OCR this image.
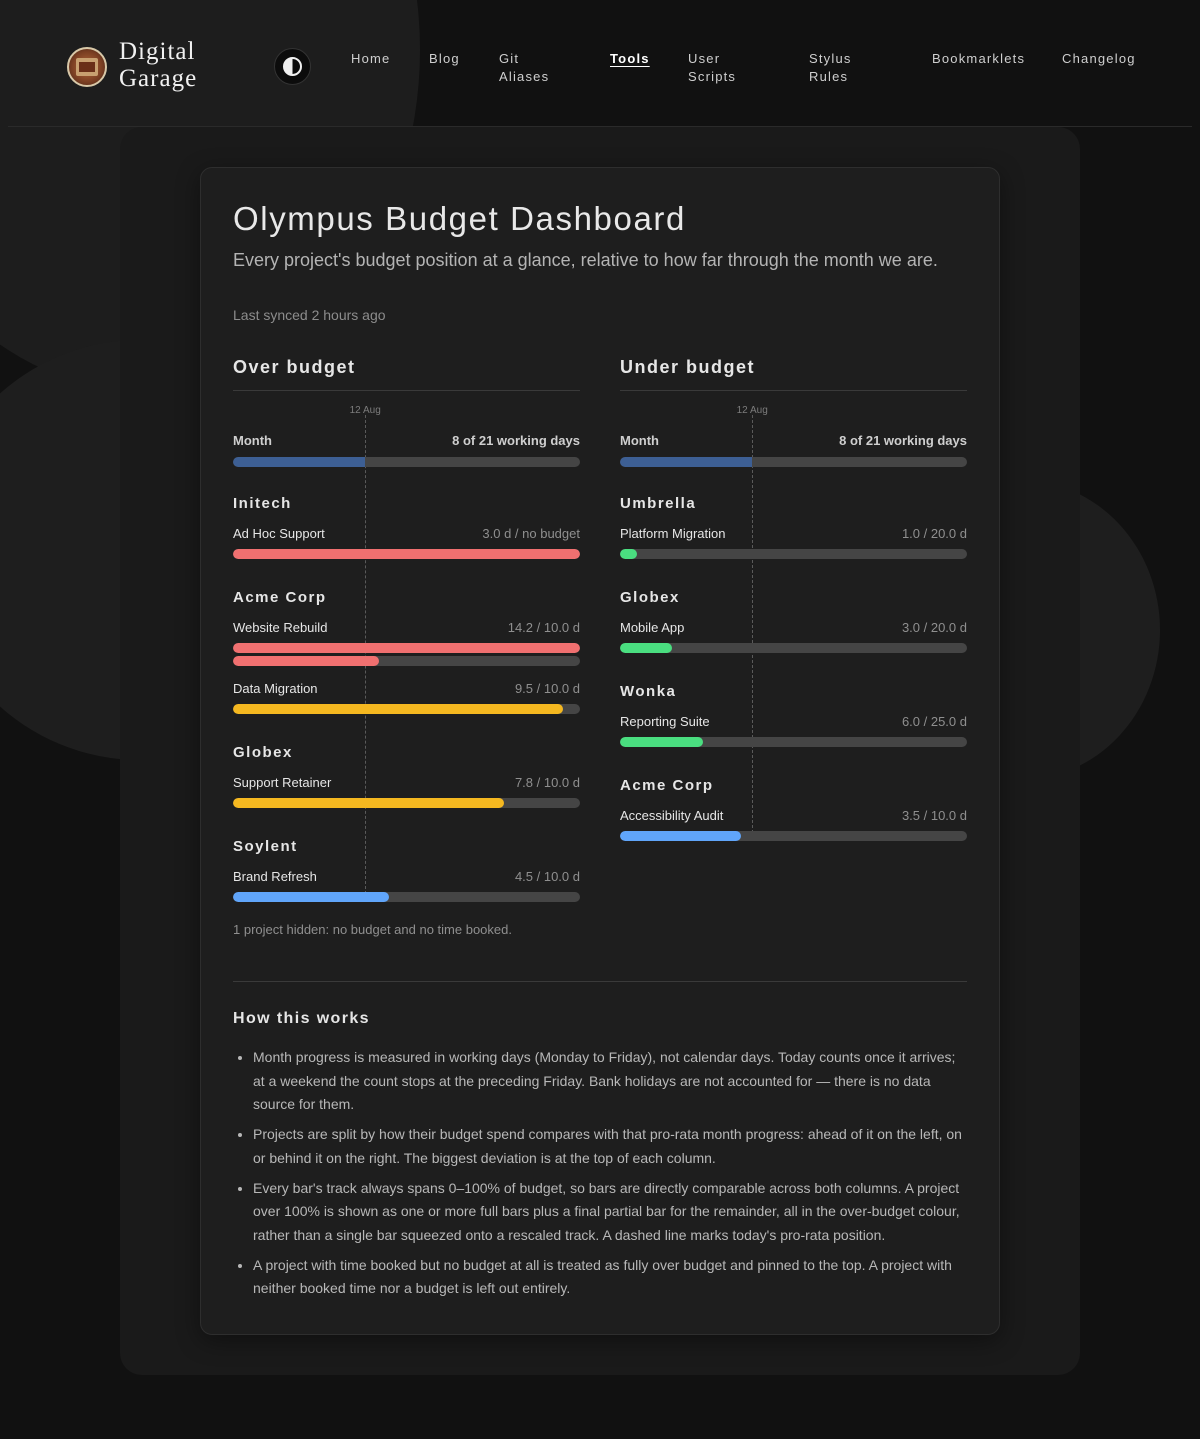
Digital Garage
Home	Blog	Git Aliases
Tools	User Scripts
Stylus Rules
Bookmarklets	Changelog
Olympus Budget Dashboard

Every project's budget position at a glance, relative to how far through the month we are.

Last synced 2 hours ago

Over budget
Month	8 of 21 working days
Initech
Ad Hoc Support	3.0 d / no budget
Acme Corp
Website Rebuild	14.2 / 10.0 d
Data Migration	9.5 / 10.0 d
Globex
Support Retainer	7.8 / 10.0 d
Soylent
Brand Refresh	4.5 / 10.0 d
12 Aug
Under budget
Month	8 of 21 working days
Umbrella
Platform Migration	1.0 / 20.0 d
Globex
Mobile App	3.0 / 20.0 d
Wonka
Reporting Suite	6.0 / 25.0 d
Acme Corp
Accessibility Audit	3.5 / 10.0 d
12 Aug

1 project hidden: no budget and no time booked.

How this works
• Month progress is measured in working days (Monday to Friday), not calendar days. Today counts once it arrives; at a weekend the count stops at the preceding Friday. Bank holidays are not accounted for — there is no data source for them.
• Projects are split by how their budget spend compares with that pro-rata month progress: ahead of it on the left, on or behind it on the right. The biggest deviation is at the top of each column.
• Every bar's track always spans 0–100% of budget, so bars are directly comparable across both columns. A project over 100% is shown as one or more full bars plus a final partial bar for the remainder, all in the over-budget colour, rather than a single bar squeezed onto a rescaled track. A dashed line marks today's pro-rata position.
• A project with time booked but no budget at all is treated as fully over budget and pinned to the top. A project with neither booked time nor a budget is left out entirely.
